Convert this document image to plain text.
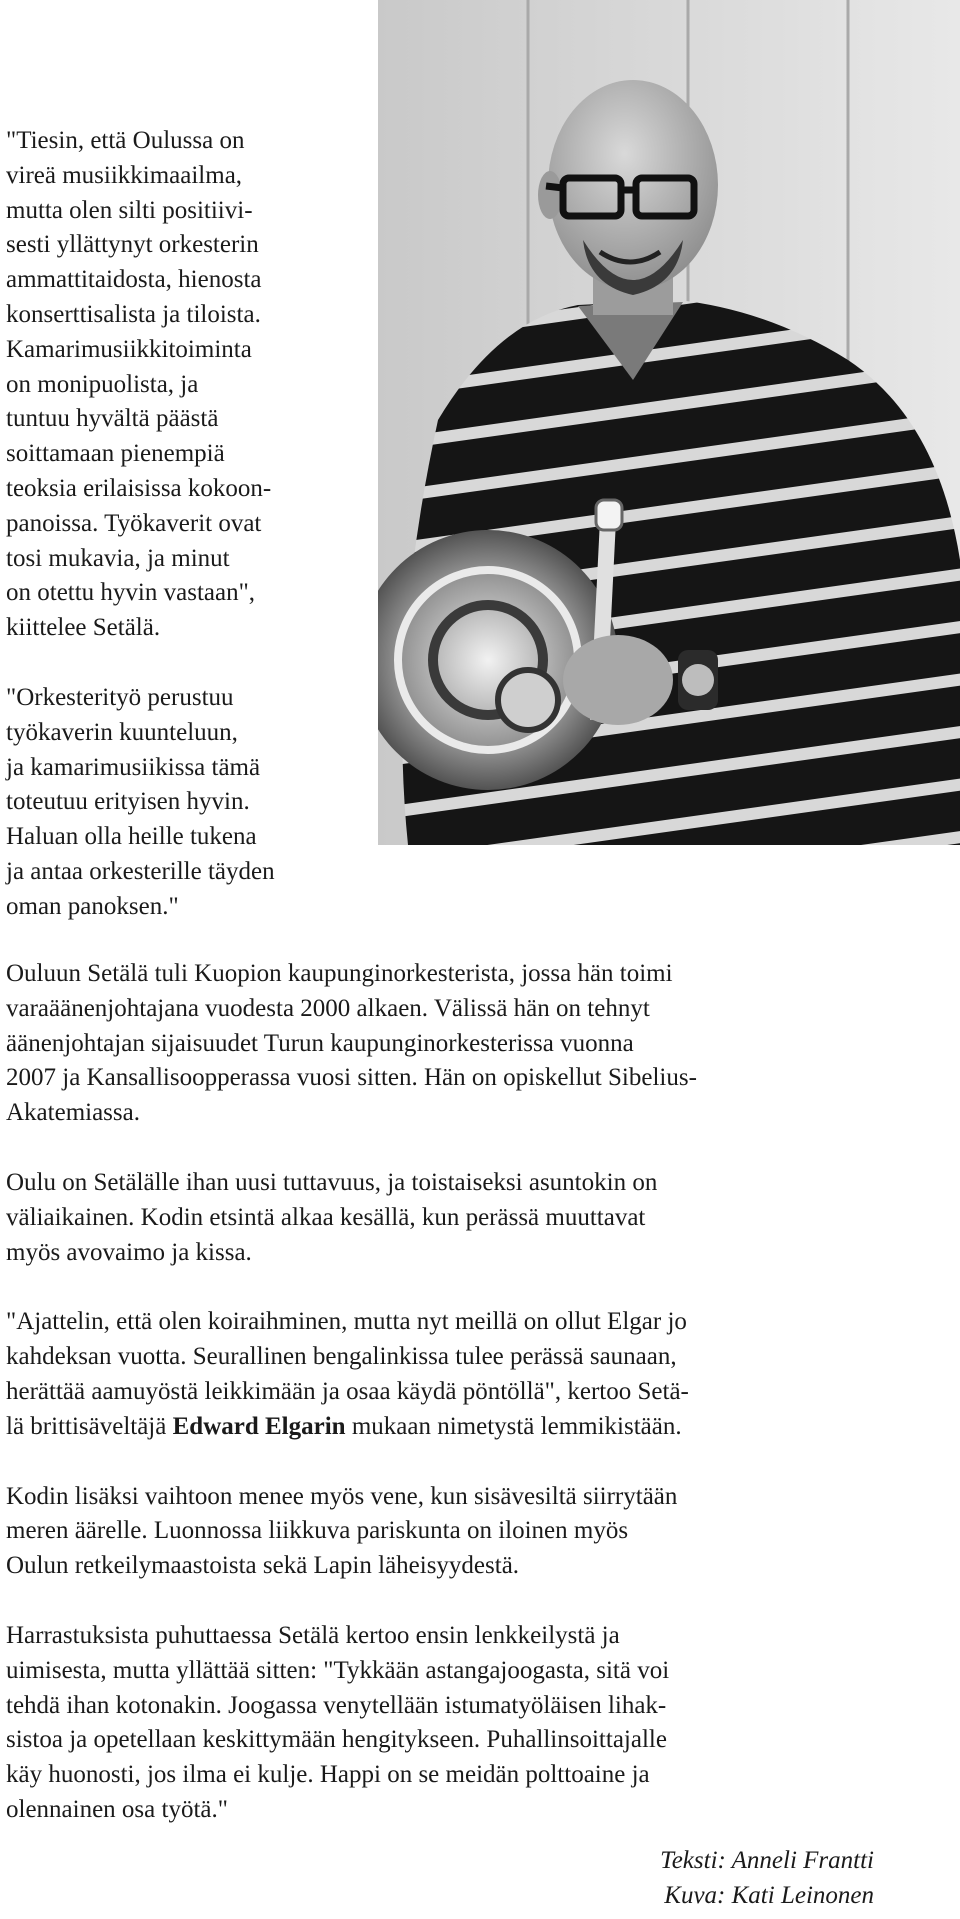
"Tiesin, että Oulussa on
vireä musiikkimaailma,
mutta olen silti positiivi-
sesti yllättynyt orkesterin
ammattitaidosta, hienosta
konserttisalista ja tiloista.
Kamarimusiikkitoiminta
on monipuolista, ja
tuntuu hyvältä päästä
soittamaan pienempiä
teoksia erilaisissa kokoon-
panoissa. Työkaverit ovat
tosi mukavia, ja minut
on otettu hyvin vastaan",
kiittelee Setälä.

"Orkesterityö perustuu
työkaverin kuunteluun,
ja kamarimusiikissa tämä
toteutuu erityisen hyvin.
Haluan olla heille tukena
ja antaa orkesterille täyden
oman panoksen."

Ouluun Setälä tuli Kuopion kaupunginorkesterista, jossa hän toimi
varaäänenjohtajana vuodesta 2000 alkaen. Välissä hän on tehnyt
äänenjohtajan sijaisuudet Turun kaupunginorkesterissa vuonna
2007 ja Kansallisoopperassa vuosi sitten. Hän on opiskellut Sibelius-
Akatemiassa.

Oulu on Setälälle ihan uusi tuttavuus, ja toistaiseksi asuntokin on
väliaikainen. Kodin etsintä alkaa kesällä, kun perässä muuttavat
myös avovaimo ja kissa.

"Ajattelin, että olen koiraihminen, mutta nyt meillä on ollut Elgar jo
kahdeksan vuotta. Seurallinen bengalinkissa tulee perässä saunaan,
herättää aamuyöstä leikkimään ja osaa käydä pöntöllä", kertoo Setä-
lä brittisäveltäjä Edward Elgarin mukaan nimetystä lemmikistään.

Kodin lisäksi vaihtoon menee myös vene, kun sisävesiltä siirrytään
meren äärelle. Luonnossa liikkuva pariskunta on iloinen myös
Oulun retkeilymaastoista sekä Lapin läheisyydestä.

Harrastuksista puhuttaessa Setälä kertoo ensin lenkkeilystä ja
uimisesta, mutta yllättää sitten: "Tykkään astangajoogasta, sitä voi
tehdä ihan kotonakin. Joogassa venytellään istumatyöläisen lihak-
sistoa ja opetellaan keskittymään hengitykseen. Puhallinsoittajalle
käy huonosti, jos ilma ei kulje. Happi on se meidän polttoaine ja
olennainen osa työtä."

Teksti: Anneli Frantti
Kuva: Kati Leinonen
